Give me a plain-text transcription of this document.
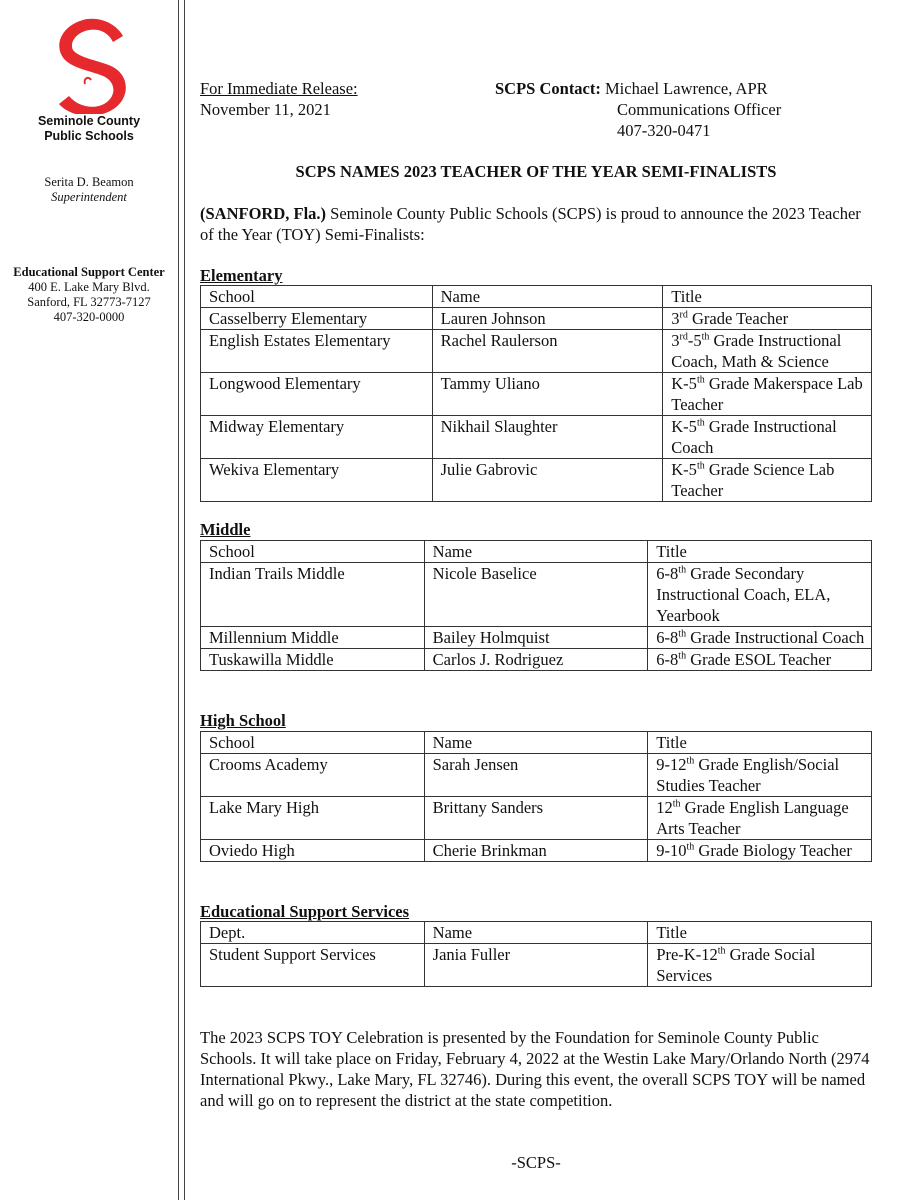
Seminole County
Public Schools
Serita D. Beamon
Superintendent
Educational Support Center
400 E. Lake Mary Blvd.
Sanford, FL 32773-7127
407-320-0000
For Immediate Release:
November 11, 2021
SCPS Contact: Michael Lawrence, APR
Communications Officer
407-320-0471
SCPS NAMES 2023 TEACHER OF THE YEAR SEMI-FINALISTS
(SANFORD, Fla.) Seminole County Public Schools (SCPS) is proud to announce the 2023 Teacher of the Year (TOY) Semi-Finalists:
Elementary
School	Name	Title
Casselberry Elementary	Lauren Johnson	3rd Grade Teacher
English Estates Elementary	Rachel Raulerson	3rd-5th Grade Instructional Coach, Math & Science
Longwood Elementary	Tammy Uliano	K-5th Grade Makerspace Lab Teacher
Midway Elementary	Nikhail Slaughter	K-5th Grade Instructional Coach
Wekiva Elementary	Julie Gabrovic	K-5th Grade Science Lab Teacher
Middle
School	Name	Title
Indian Trails Middle	Nicole Baselice	6-8th Grade Secondary Instructional Coach, ELA, Yearbook
Millennium Middle	Bailey Holmquist	6-8th Grade Instructional Coach
Tuskawilla Middle	Carlos J. Rodriguez	6-8th Grade ESOL Teacher
High School
School	Name	Title
Crooms Academy	Sarah Jensen	9-12th Grade English/Social Studies Teacher
Lake Mary High	Brittany Sanders	12th Grade English Language Arts Teacher
Oviedo High	Cherie Brinkman	9-10th Grade Biology Teacher
Educational Support Services
Dept.	Name	Title
Student Support Services	Jania Fuller	Pre-K-12th Grade Social Services
The 2023 SCPS TOY Celebration is presented by the Foundation for Seminole County Public Schools. It will take place on Friday, February 4, 2022 at the Westin Lake Mary/Orlando North (2974 International Pkwy., Lake Mary, FL 32746). During this event, the overall SCPS TOY will be named and will go on to represent the district at the state competition.
-SCPS-
